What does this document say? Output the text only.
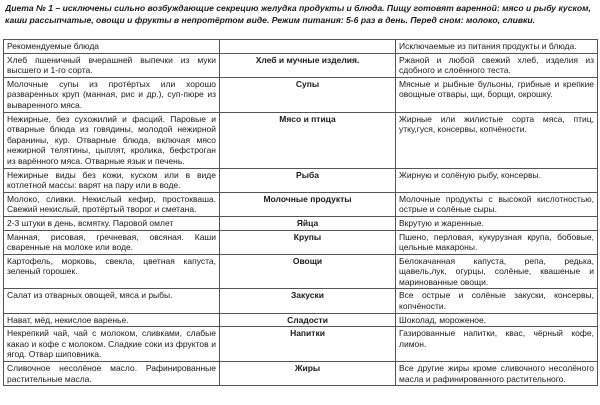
Диета № 1 – исключены сильно возбуждающие секрецию желудка продукты и блюда. Пищу готовят варенной: мясо и рыбу куском, каши рассыпчатые, овощи и фрукты в непротёртом виде. Режим питания: 5-6 раз в день. Перед сном: молоко, сливки.
Рекомендуемые блюда		Исключаемые из питания продукты и блюда.
Хлеб пшеничный вчерашней выпечки из муки высшего и 1-го сорта.	Хлеб и мучные изделия.	Ржаной и любой свежий хлеб, изделия из сдобного и слоённого теста.
Молочные супы из протёртых или хорошо разваренных круп (манная, рис и др.), суп-пюре из вываренного мяса.	Супы	Мясные и рыбные бульоны, грибные и крепкие овощные отвары, щи, борщи, окрошку.
Нежирные, без сухожилий и фасций. Паровые и отварные блюда из говядины, молодой нежирной баранины, кур. Отварные блюда, включая мясо нежирной телятины, цыплят, кролика, бефстроган из варённого мяса. Отварные язык и печень.	Мясо и птица	Жирные или жилистые сорта мяса, птиц, утку,гуся, консервы, копчёности.
Нежирные виды без кожи, куском или в виде котлетной массы: варят на пару или в воде.	Рыба	Жирную и солёную рыбу, консервы.
Молоко, сливки. Некислый кефир, простокваша. Свежий некислый, протёртый творог и сметана.	Молочные продукты	Молочные продукты с высокой кислотностью, острые и солёные сыры.
2-3 штуки в день, всмятку. Паровой омлет	Яйца	Вкрутую и жаренные.
Манная, рисовая, гречневая, овсяная. Каши сваренные на молоке или воде.	Крупы	Пшено, перловая, кукурузная крупа, бобовые, цельные макароны.
Картофель, морковь, свекла, цветная капуста, зеленый горошек.	Овощи	Белокачанная капуста, репа, редька, щавель,лук, огурцы, солёные, квашеные и маринованные овощи.
Салат из отварных овощей, мяса и рыбы.	Закуски	Все острые и солёные закуски, консервы, копчёности.
Нават, мёд, некислое варенье.	Сладости	Шоколад, мороженое.
Некрепкий чай, чай с молоком, сливками, слабые какао и кофе с молоком. Сладкие соки из фруктов и ягод. Отвар шиповника.	Напитки	Газированные напитки, квас, чёрный кофе, лимон.
Сливочное несолёное масло. Рафинированные растительные масла.	Жиры	Все другие жиры кроме сливочного несолёного масла и рафинированного растительного.
